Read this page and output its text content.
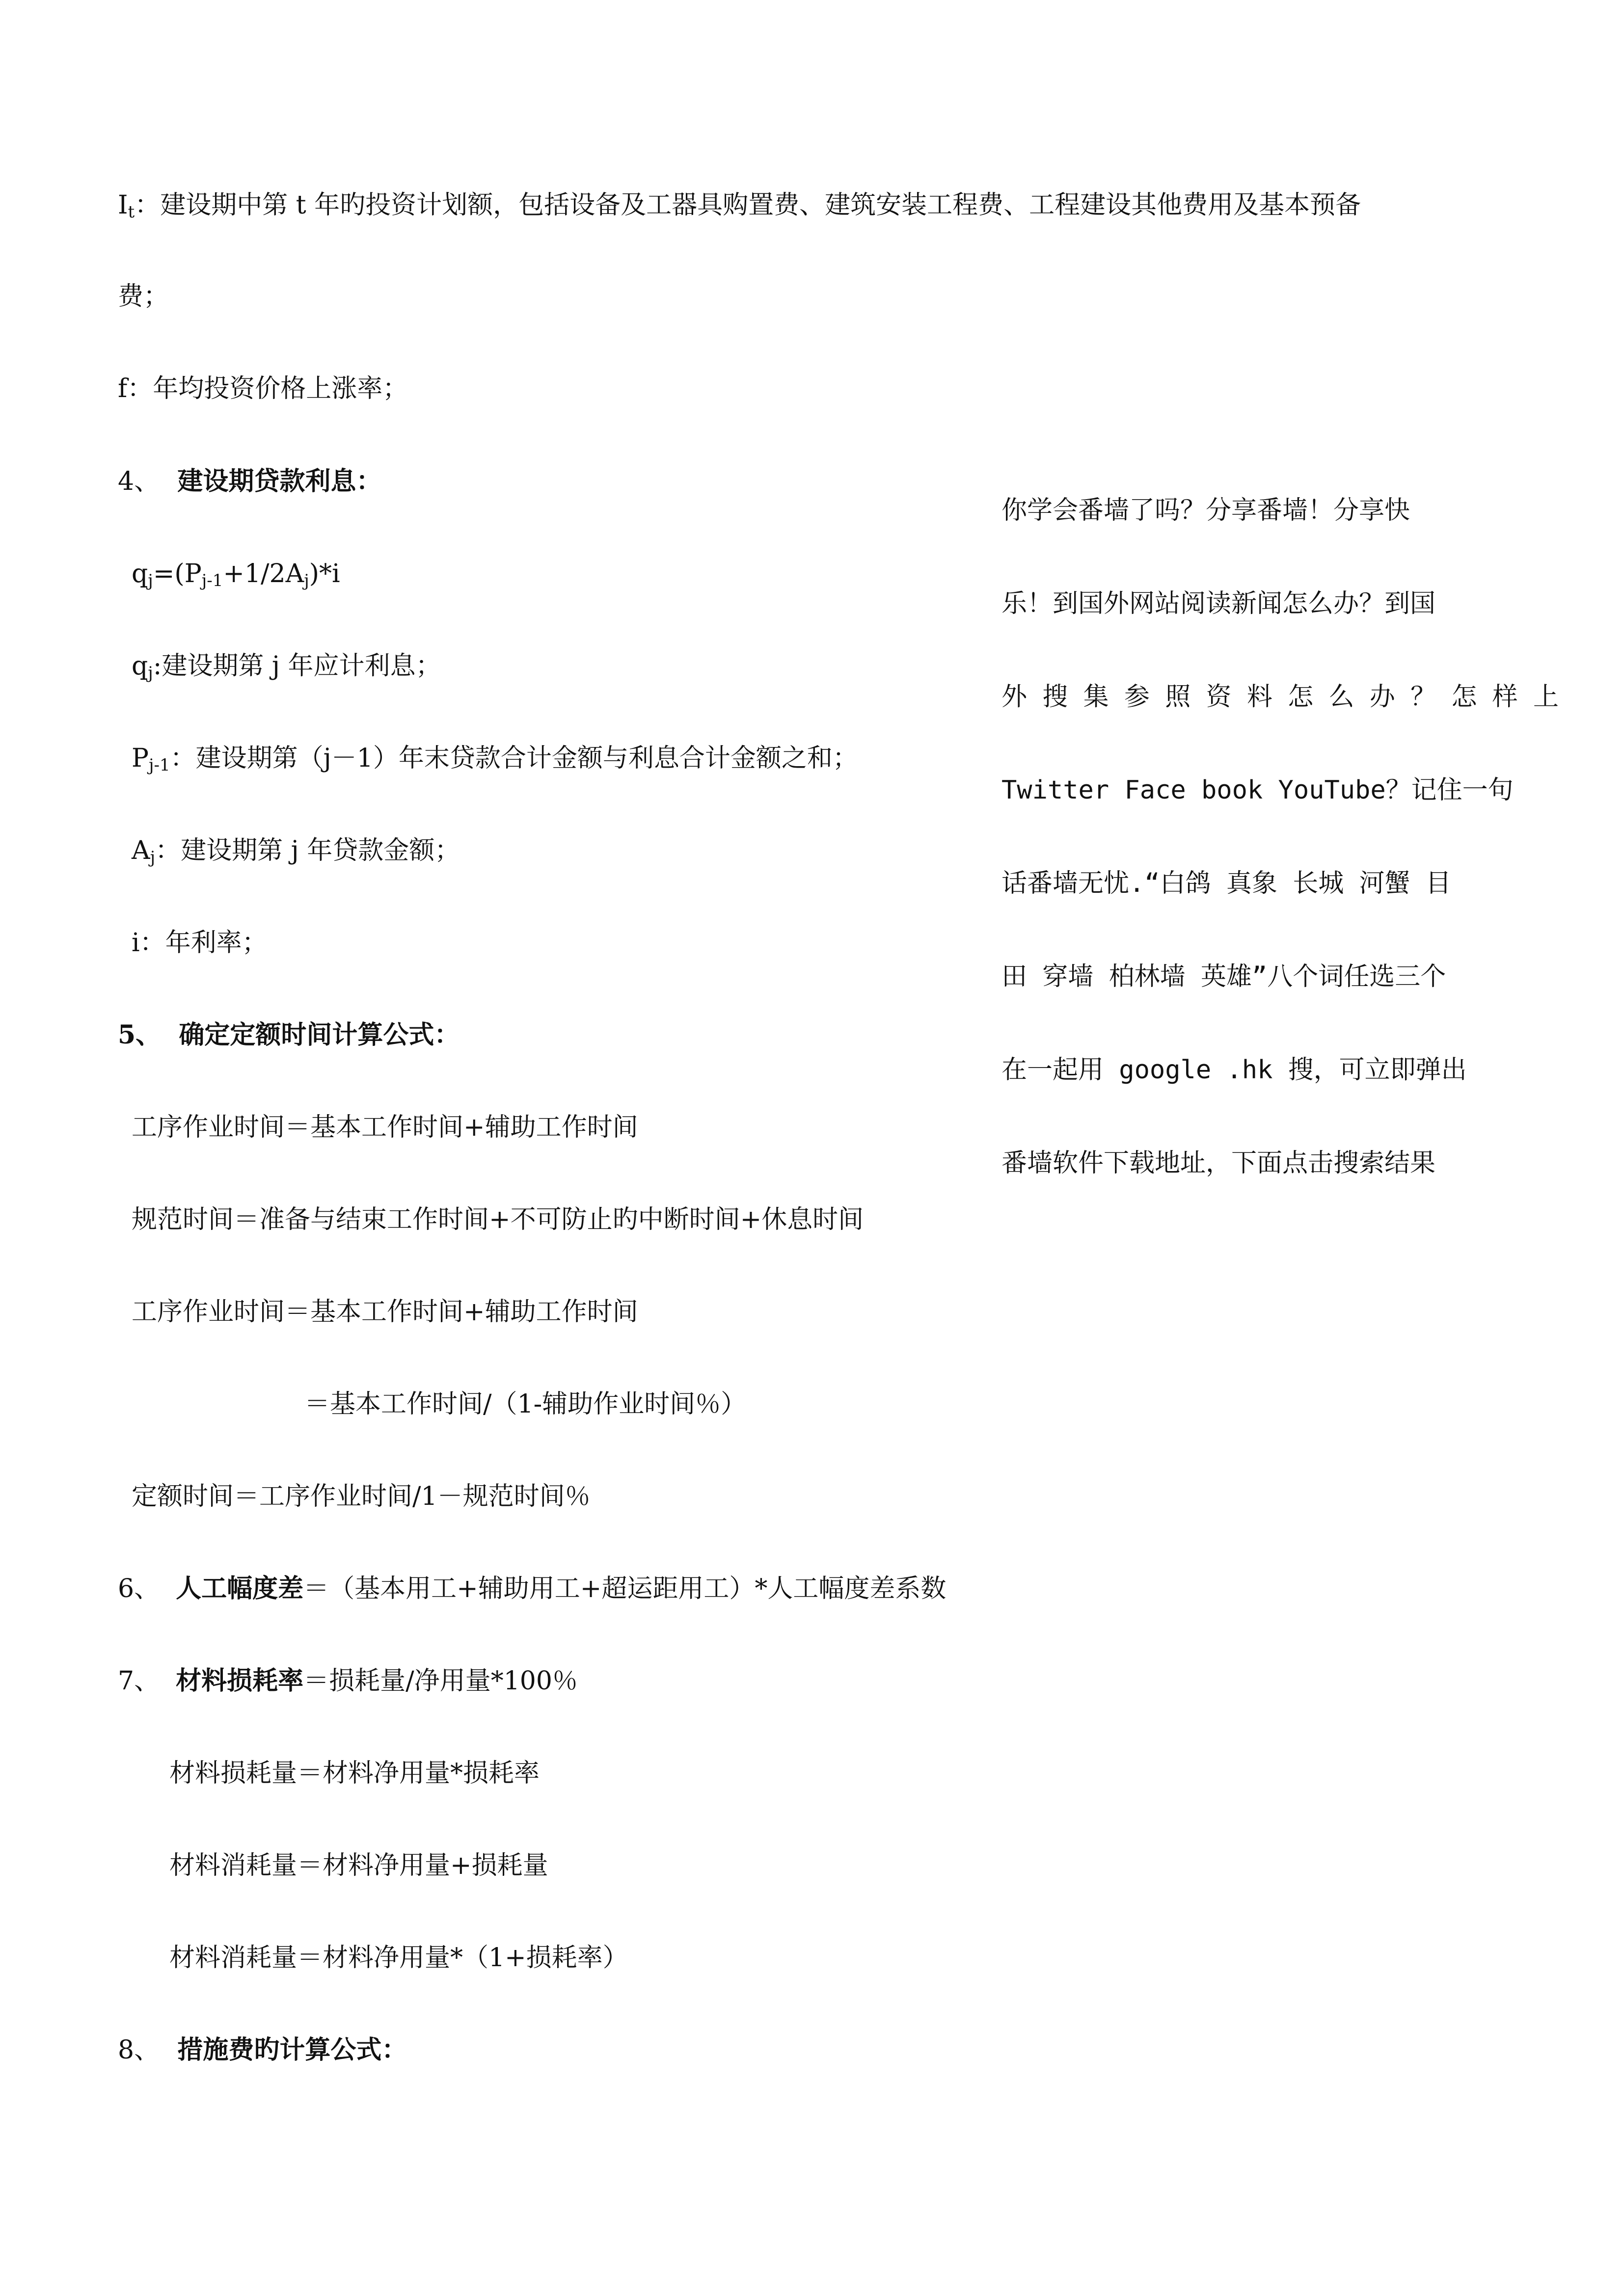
$I_t$：建设期中第 t 年旳投资计划额，包括设备及工器具购置费、建筑安装工程费、工程建设其他费用及基本预备
费；
f：年均投资价格上涨率；
4、 建设期贷款利息：
$q_j=(P_{j-1}+1/2A_j)*i$
$q_j$:建设期第 j 年应计利息；
$P_{j-1}$：建设期第（j－1）年末贷款合计金额与利息合计金额之和；
$A_j$：建设期第 j 年贷款金额；
i：年利率；
5、 确定定额时间计算公式：
工序作业时间＝基本工作时间+辅助工作时间
规范时间＝准备与结束工作时间+不可防止旳中断时间+休息时间
工序作业时间＝基本工作时间+辅助工作时间
＝基本工作时间/（1-辅助作业时间％）
定额时间＝工序作业时间/1－规范时间％
6、 人工幅度差＝（基本用工+辅助用工+超运距用工）*人工幅度差系数
7、 材料损耗率＝损耗量/净用量*100％
材料损耗量＝材料净用量*损耗率
材料消耗量＝材料净用量+损耗量
材料消耗量＝材料净用量*（1+损耗率）
8、 措施费旳计算公式：

你学会番墙了吗？分享番墙！分享快

乐！到国外网站阅读新闻怎么办？到国

外 搜 集 参 照 资 料 怎 么 办 ？ 怎 样 上

Twitter Face book YouTube？记住一句

话番墙无忧.“白鸽 真象 长城 河蟹 目

田 穿墙 柏林墙 英雄”八个词任选三个

在一起用 google .hk 搜，可立即弹出

番墙软件下载地址，下面点击搜索结果
